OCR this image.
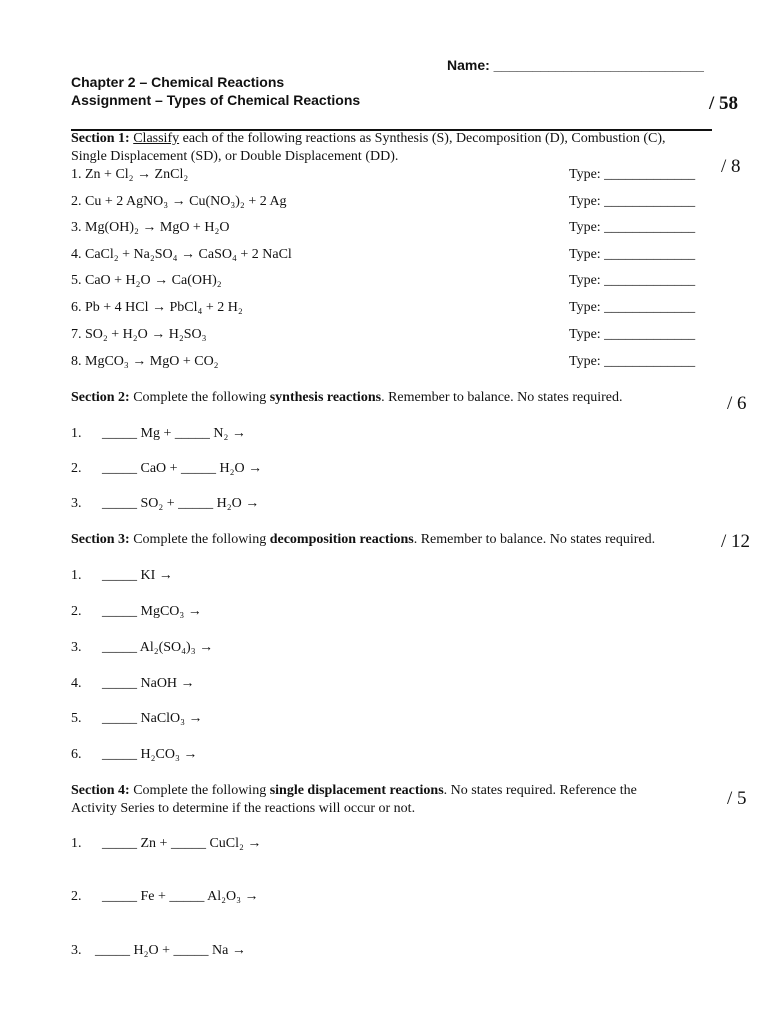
Name: ___________________________
Chapter 2 – Chemical Reactions
Assignment – Types of Chemical Reactions	/ 58
Section 1: Classify each of the following reactions as Synthesis (S), Decomposition (D), Combustion (C),
Single Displacement (SD), or Double Displacement (DD).	/ 8
1. Zn + Cl₂ → ZnCl₂	Type: _____________
2. Cu + 2 AgNO₃ → Cu(NO₃)₂ + 2 Ag	Type: _____________
3. Mg(OH)₂ → MgO + H₂O	Type: _____________
4. CaCl₂ + Na₂SO₄ → CaSO₄ + 2 NaCl	Type: _____________
5. CaO + H₂O → Ca(OH)₂	Type: _____________
6. Pb + 4 HCl → PbCl₄ + 2 H₂	Type: _____________
7. SO₂ + H₂O → H₂SO₃	Type: _____________
8. MgCO₃ → MgO + CO₂	Type: _____________
Section 2: Complete the following synthesis reactions. Remember to balance. No states required.	/ 6
1. _____ Mg + _____ N₂ →
2. _____ CaO + _____ H₂O →
3. _____ SO₂ + _____ H₂O →
Section 3: Complete the following decomposition reactions. Remember to balance. No states required.	/ 12
1. _____ KI →
2. _____ MgCO₃ →
3. _____ Al₂(SO₄)₃ →
4. _____ NaOH →
5. _____ NaClO₃ →
6. _____ H₂CO₃ →
Section 4: Complete the following single displacement reactions. No states required. Reference the
Activity Series to determine if the reactions will occur or not.	/ 5
1. _____ Zn + _____ CuCl₂ →
2. _____ Fe + _____ Al₂O₃ →
3. _____ H₂O + _____ Na →
